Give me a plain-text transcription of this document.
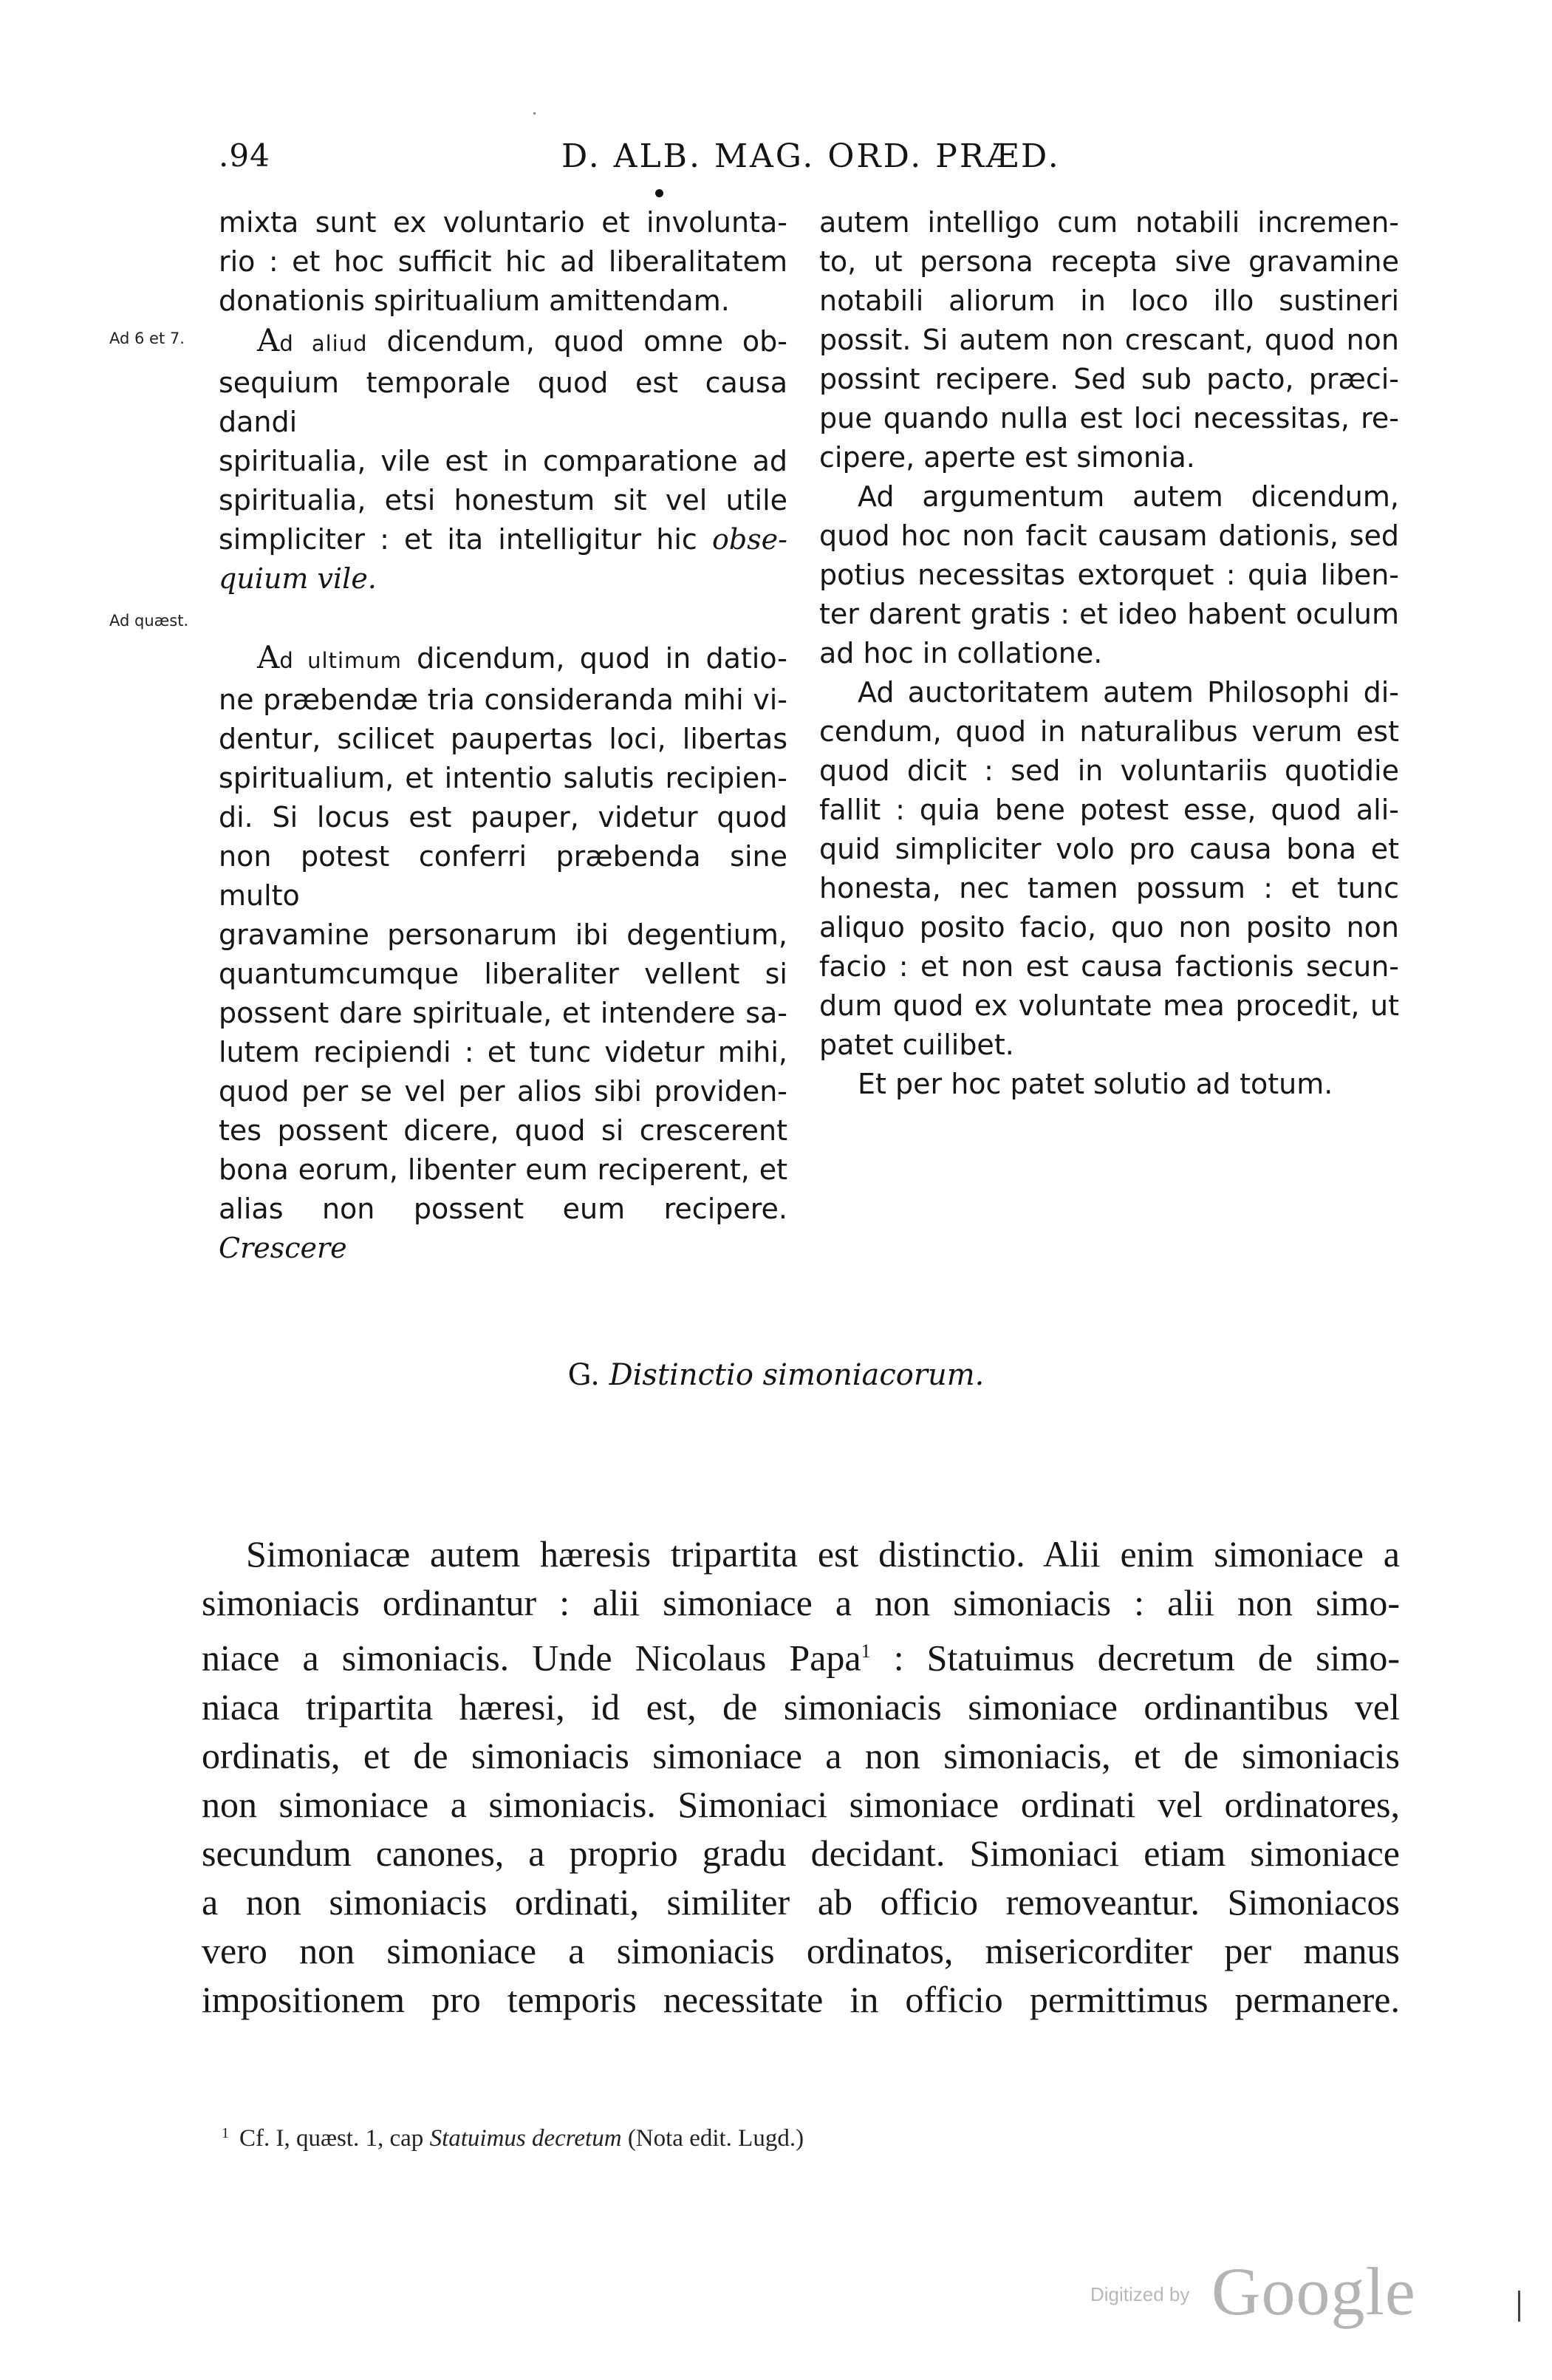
.94	D. ALB. MAG. ORD. PRÆD.
Ad 6 et 7.
Ad quæst.

mixta sunt ex voluntario et involunta-

rio : et hoc sufficit hic ad liberalitatem

donationis spiritualium amittendam.

Ad aliud dicendum, quod omne ob-

sequium temporale quod est causa dandi

spiritualia, vile est in comparatione ad

spiritualia, etsi honestum sit vel utile

simpliciter : et ita intelligitur hic obse-

quium vile.

Ad ultimum dicendum, quod in datio-

ne præbendæ tria consideranda mihi vi-

dentur, scilicet paupertas loci, libertas

spiritualium, et intentio salutis recipien-

di. Si locus est pauper, videtur quod

non potest conferri præbenda sine multo

gravamine personarum ibi degentium,

quantumcumque liberaliter vellent si

possent dare spirituale, et intendere sa-

lutem recipiendi : et tunc videtur mihi,

quod per se vel per alios sibi providen-

tes possent dicere, quod si crescerent

bona eorum, libenter eum reciperent, et

alias non possent eum recipere. Crescere

autem intelligo cum notabili incremen-

to, ut persona recepta sive gravamine

notabili aliorum in loco illo sustineri

possit. Si autem non crescant, quod non

possint recipere. Sed sub pacto, præci-

pue quando nulla est loci necessitas, re-

cipere, aperte est simonia.

Ad argumentum autem dicendum,

quod hoc non facit causam dationis, sed

potius necessitas extorquet : quia liben-

ter darent gratis : et ideo habent oculum

ad hoc in collatione.

Ad auctoritatem autem Philosophi di-

cendum, quod in naturalibus verum est

quod dicit : sed in voluntariis quotidie

fallit : quia bene potest esse, quod ali-

quid simpliciter volo pro causa bona et

honesta, nec tamen possum : et tunc

aliquo posito facio, quo non posito non

facio : et non est causa factionis secun-

dum quod ex voluntate mea procedit, ut

patet cuilibet.

Et per hoc patet solutio ad totum.

G. Distinctio simoniacorum.

Simoniacæ autem hæresis tripartita est distinctio. Alii enim simoniace a

simoniacis ordinantur : alii simoniace a non simoniacis : alii non simo-

niace a simoniacis. Unde Nicolaus Papa$^1$ : Statuimus decretum de simo-

niaca tripartita hæresi, id est, de simoniacis simoniace ordinantibus vel

ordinatis, et de simoniacis simoniace a non simoniacis, et de simoniacis

non simoniace a simoniacis. Simoniaci simoniace ordinati vel ordinatores,

secundum canones, a proprio gradu decidant. Simoniaci etiam simoniace

a non simoniacis ordinati, similiter ab officio removeantur. Simoniacos

vero non simoniace a simoniacis ordinatos, misericorditer per manus

impositionem pro temporis necessitate in officio permittimus permanere.

$^1$ Cf. I, quæst. 1, cap Statuimus decretum (Nota edit. Lugd.)
Digitized by Google
